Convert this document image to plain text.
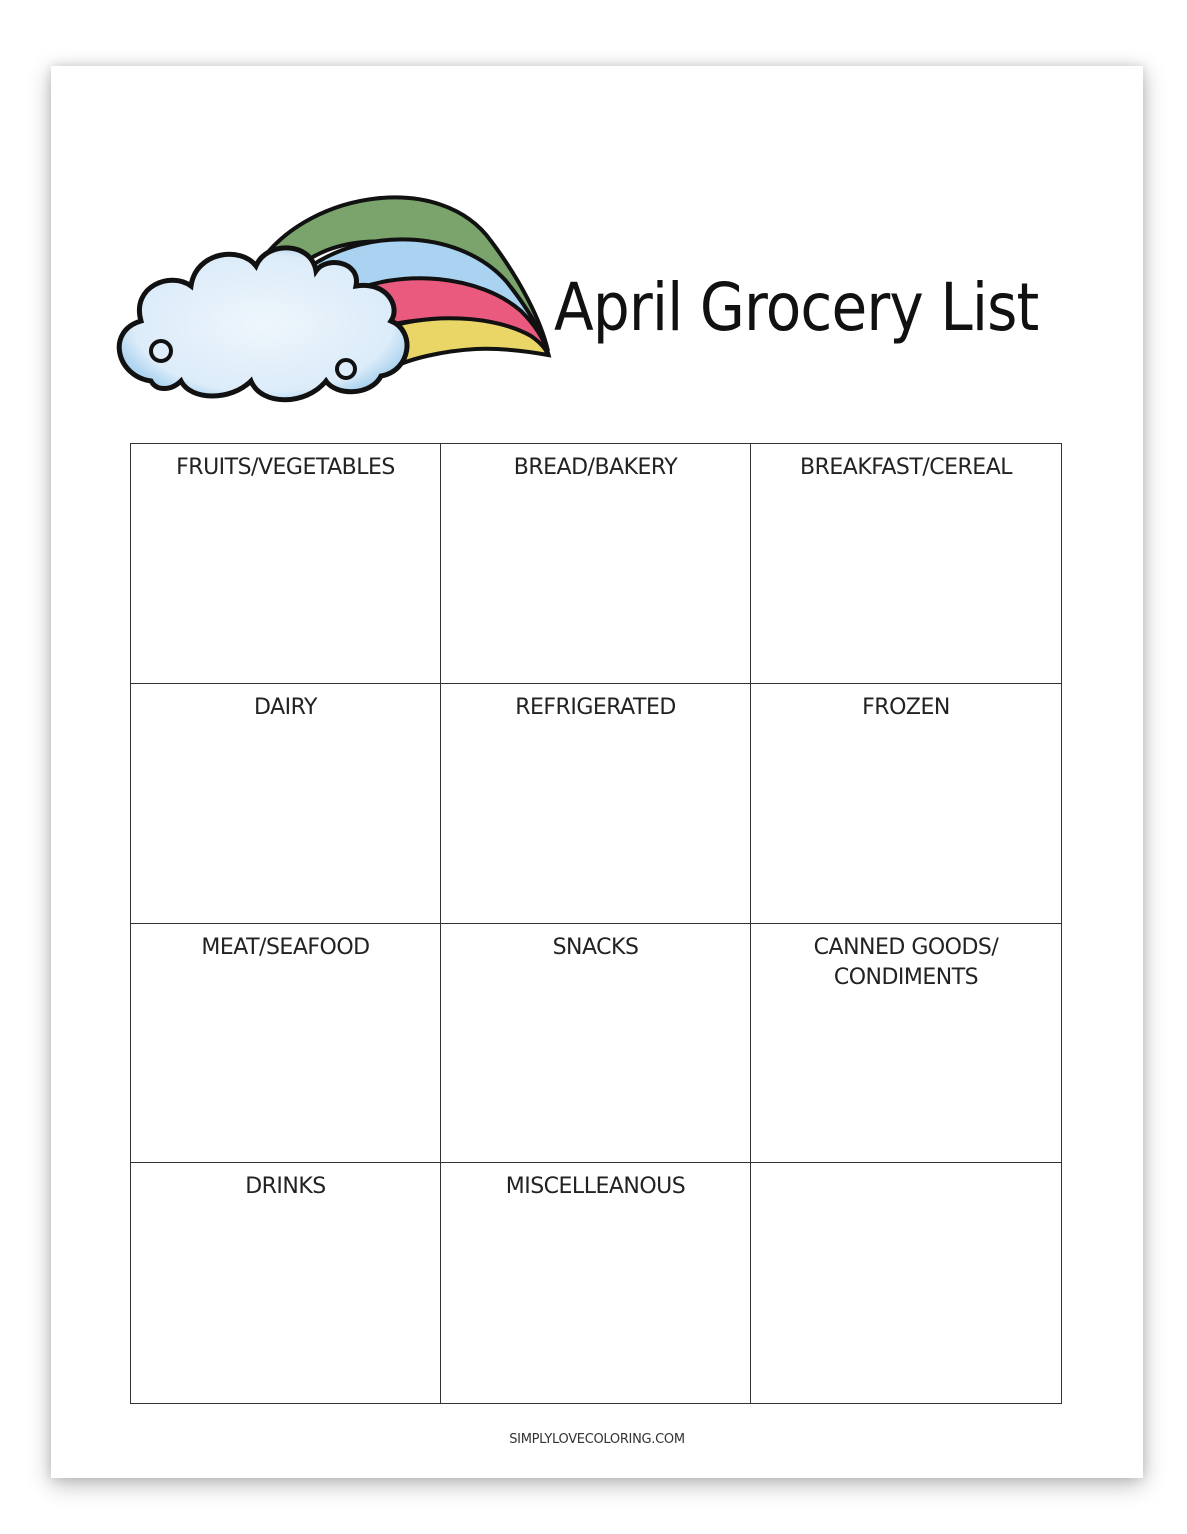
April Grocery List
FRUITS/VEGETABLES	BREAD/BAKERY	BREAKFAST/CEREAL
DAIRY	REFRIGERATED	FROZEN
MEAT/SEAFOOD	SNACKS	CANNED GOODS/
CONDIMENTS
DRINKS	MISCELLEANOUS
SIMPLYLOVECOLORING.COM
